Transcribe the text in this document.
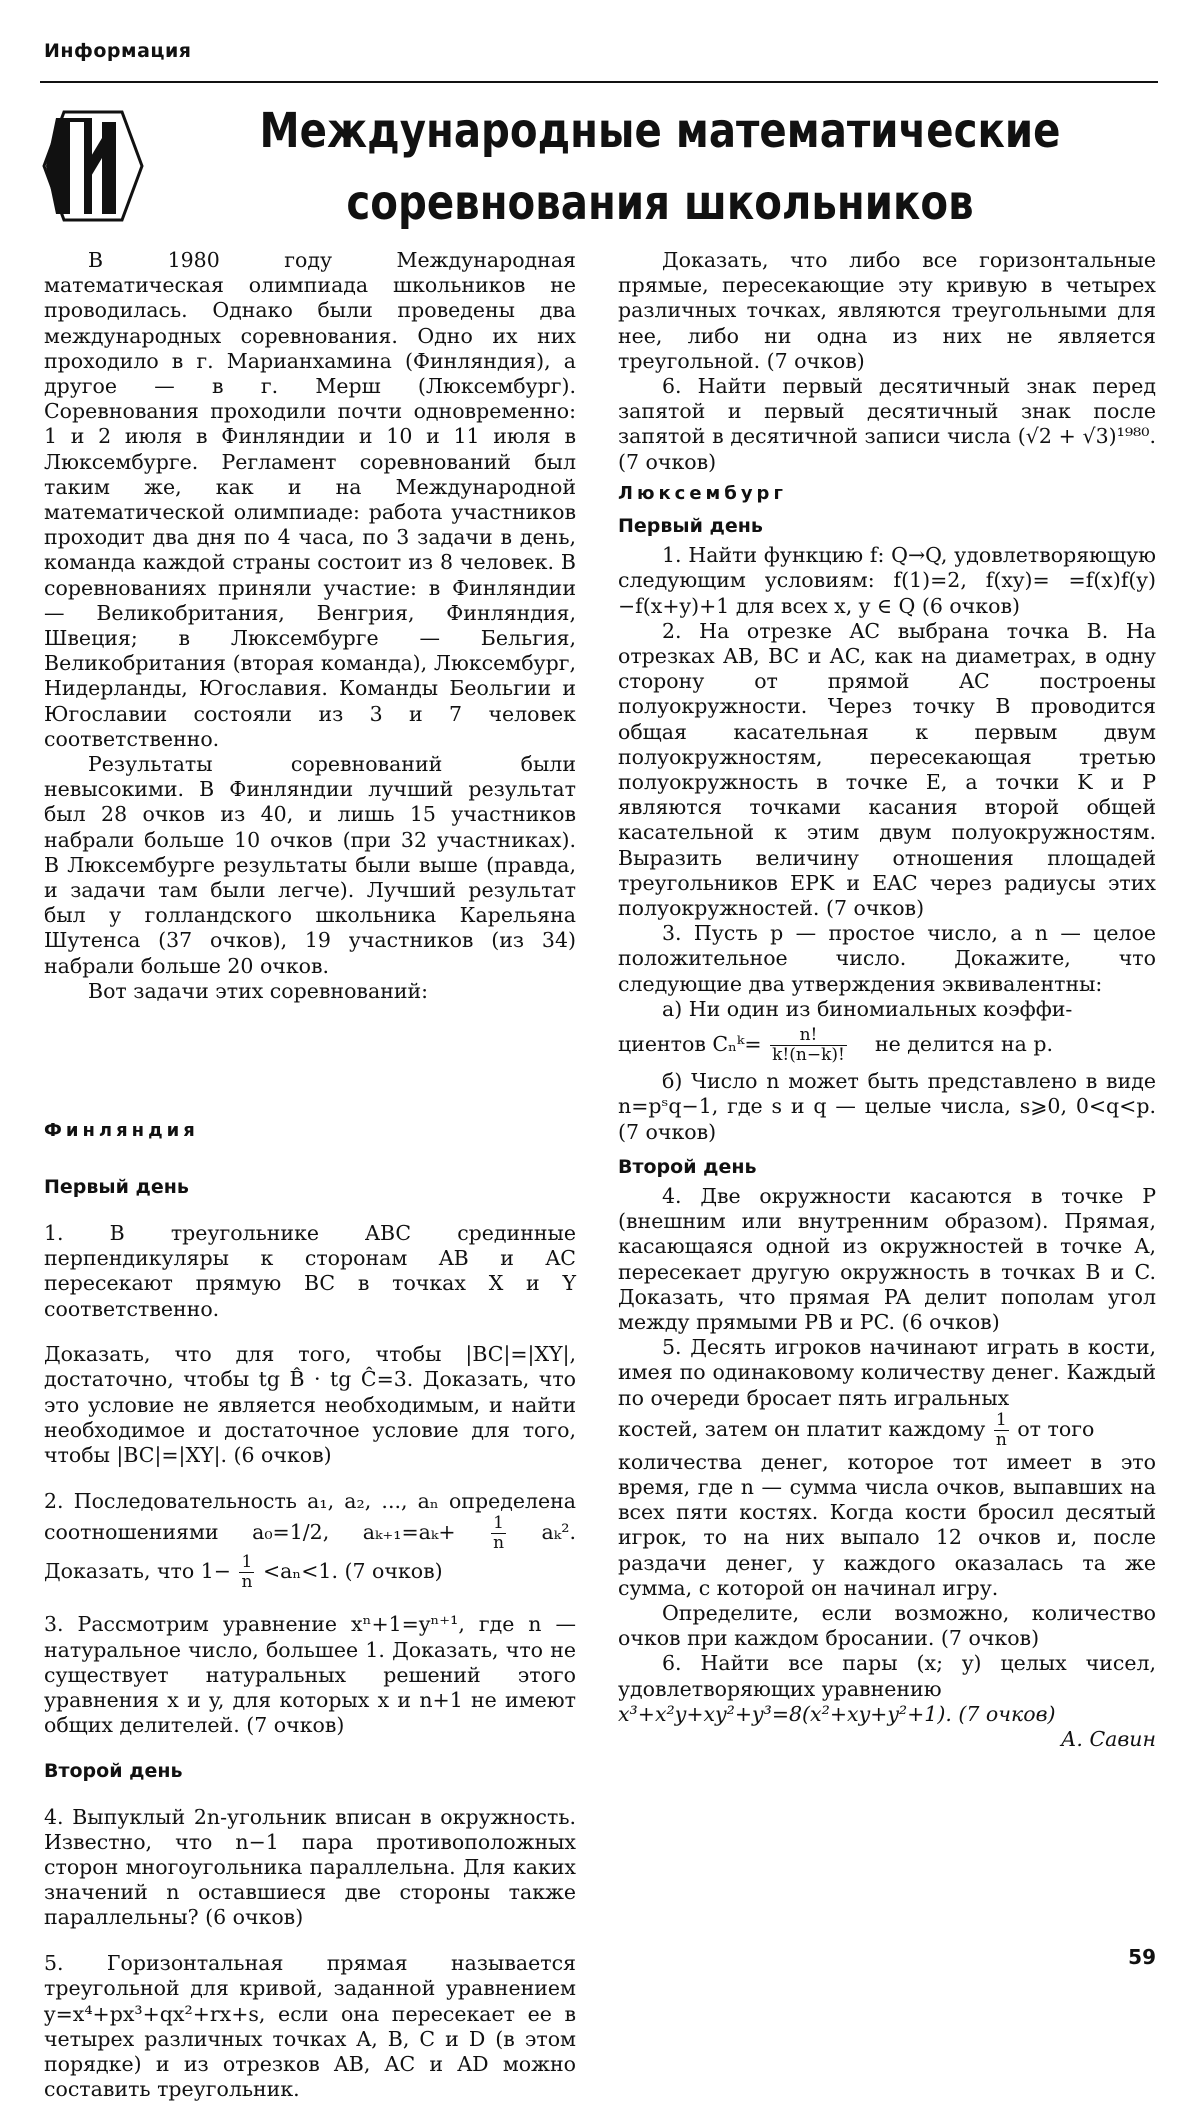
Информация
Международные математические
соревнования школьников

В 1980 году Международная математическая олимпиада школьников не проводилась. Однако были проведены два международных соревнования. Одно их них проходило в г. Марианхамина (Финляндия), а другое — в г. Мерш (Люксембург). Соревнования проходили почти одновременно: 1 и 2 июля в Финляндии и 10 и 11 июля в Люксембурге. Регламент соревнований был таким же, как и на Международной математической олимпиаде: работа участников проходит два дня по 4 часа, по 3 задачи в день, команда каждой страны состоит из 8 человек. В соревнованиях приняли участие: в Финляндии — Великобритания, Венгрия, Финляндия, Швеция; в Люксембурге — Бельгия, Великобритания (вторая команда), Люксембург, Нидерланды, Югославия. Команды Беольгии и Югославии состояли из 3 и 7 человек соответственно.

Результаты соревнований были невысокими. В Финляндии лучший результат был 28 очков из 40, и лишь 15 участников набрали больше 10 очков (при 32 участниках). В Люксембурге результаты были выше (правда, и задачи там были легче). Лучший результат был у голландского школьника Карельяна Шутенса (37 очков), 19 участников (из 34) набрали больше 20 очков.

Вот задачи этих соревнований:

Финляндия
Первый день

1. В треугольнике ABC срединные перпендикуляры к сторонам AB и AC пересекают прямую BC в точках X и Y соответственно.

Доказать, что для того, чтобы |BC|=|XY|, достаточно, чтобы tg B̂ · tg Ĉ=3. Доказать, что это условие не является необходимым, и найти необходимое и достаточное условие для того, чтобы |BC|=|XY|. (6 очков)

2. Последовательность a₁, a₂, ..., aₙ определена соотношениями a₀=1/2, $a_{k+1}=a_k+ \frac{1}{n} a_k^2$. Доказать, что $1- \frac{1}{n} <a_n<1$. (7 очков)

3. Рассмотрим уравнение xⁿ+1=yⁿ⁺¹, где n — натуральное число, большее 1. Доказать, что не существует натуральных решений этого уравнения x и y, для которых x и n+1 не имеют общих делителей. (7 очков)

Второй день

4. Выпуклый 2n-угольник вписан в окружность. Известно, что n−1 пара противоположных сторон многоугольника параллельна. Для каких значений n оставшиеся две стороны также параллельны? (6 очков)

5. Горизонтальная прямая называется треугольной для кривой, заданной уравнением y=x⁴+px³+qx²+rx+s, если она пересекает ее в четырех различных точках A, B, C и D (в этом порядке) и из отрезков AB, AC и AD можно составить треугольник.

Доказать, что либо все горизонтальные прямые, пересекающие эту кривую в четырех различных точках, являются треугольными для нее, либо ни одна из них не является треугольной. (7 очков)

6. Найти первый десятичный знак перед запятой и первый десятичный знак после запятой в десятичной записи числа (√2 + √3)¹⁹⁸⁰. (7 очков)

Люксембург
Первый день

1. Найти функцию f: Q→Q, удовлетворяющую следующим условиям: f(1)=2, f(xy)= =f(x)f(y)−f(x+y)+1 для всех x, y ∈ Q (6 очков)

2. На отрезке AC выбрана точка B. На отрезках AB, BC и AC, как на диаметрах, в одну сторону от прямой AC построены полуокружности. Через точку B проводится общая касательная к первым двум полуокружностям, пересекающая третью полуокружность в точке E, а точки K и P являются точками касания второй общей касательной к этим двум полуокружностям. Выразить величину отношения площадей треугольников EPK и EAC через радиусы этих полуокружностей. (7 очков)

3. Пусть p — простое число, а n — целое положительное число. Докажите, что следующие два утверждения эквивалентны:

а) Ни один из биномиальных коэффи-

циентов Cₙᵏ= $\frac{n!}{k!(n-k)!}$ не делится на p.

б) Число n может быть представлено в виде n=pˢq−1, где s и q — целые числа, s⩾0, 0<q<p. (7 очков)

Второй день

4. Две окружности касаются в точке P (внешним или внутренним образом). Прямая, касающаяся одной из окружностей в точке A, пересекает другую окружность в точках B и C. Доказать, что прямая PA делит пополам угол между прямыми PB и PC. (6 очков)

5. Десять игроков начинают играть в кости, имея по одинаковому количеству денег. Каждый по очереди бросает пять игральных

костей, затем он платит каждому $\frac{1}{n}$ от того

количества денег, которое тот имеет в это время, где n — сумма числа очков, выпавших на всех пяти костях. Когда кости бросил десятый игрок, то на них выпало 12 очков и, после раздачи денег, у каждого оказалась та же сумма, с которой он начинал игру.

Определите, если возможно, количество очков при каждом бросании. (7 очков)

6. Найти все пары (x; y) целых чисел, удовлетворяющих уравнению

x³+x²y+xy²+y³=8(x²+xy+y²+1). (7 очков)

А. Савин

59
